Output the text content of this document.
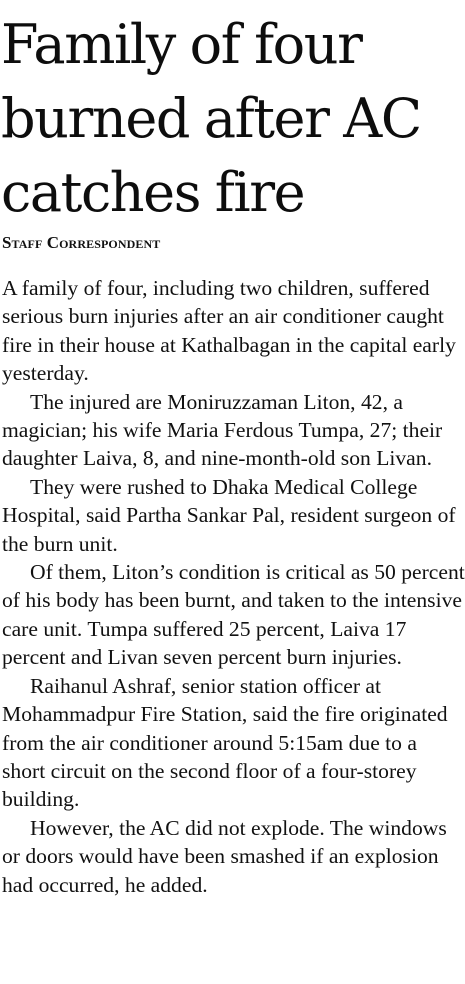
Family of four burned after AC catches fire
Staff Correspondent

A family of four, including two children, suffered serious burn injuries after an air conditioner caught fire in their house at Kathalbagan in the capital early yesterday.

The injured are Moniruzzaman Liton, 42, a magician; his wife Maria Ferdous Tumpa, 27; their daughter Laiva, 8, and nine-month-old son Livan.

They were rushed to Dhaka Medical College Hospital, said Partha Sankar Pal, resident surgeon of the burn unit.

Of them, Liton’s condition is critical as 50 percent of his body has been burnt, and taken to the intensive care unit. Tumpa suffered 25 percent, Laiva 17 percent and Livan seven percent burn injuries.

Raihanul Ashraf, senior station officer at Mohammadpur Fire Station, said the fire originated from the air conditioner around 5:15am due to a short circuit on the second floor of a four-storey building.

However, the AC did not explode. The windows or doors would have been smashed if an explosion had occurred, he added.
